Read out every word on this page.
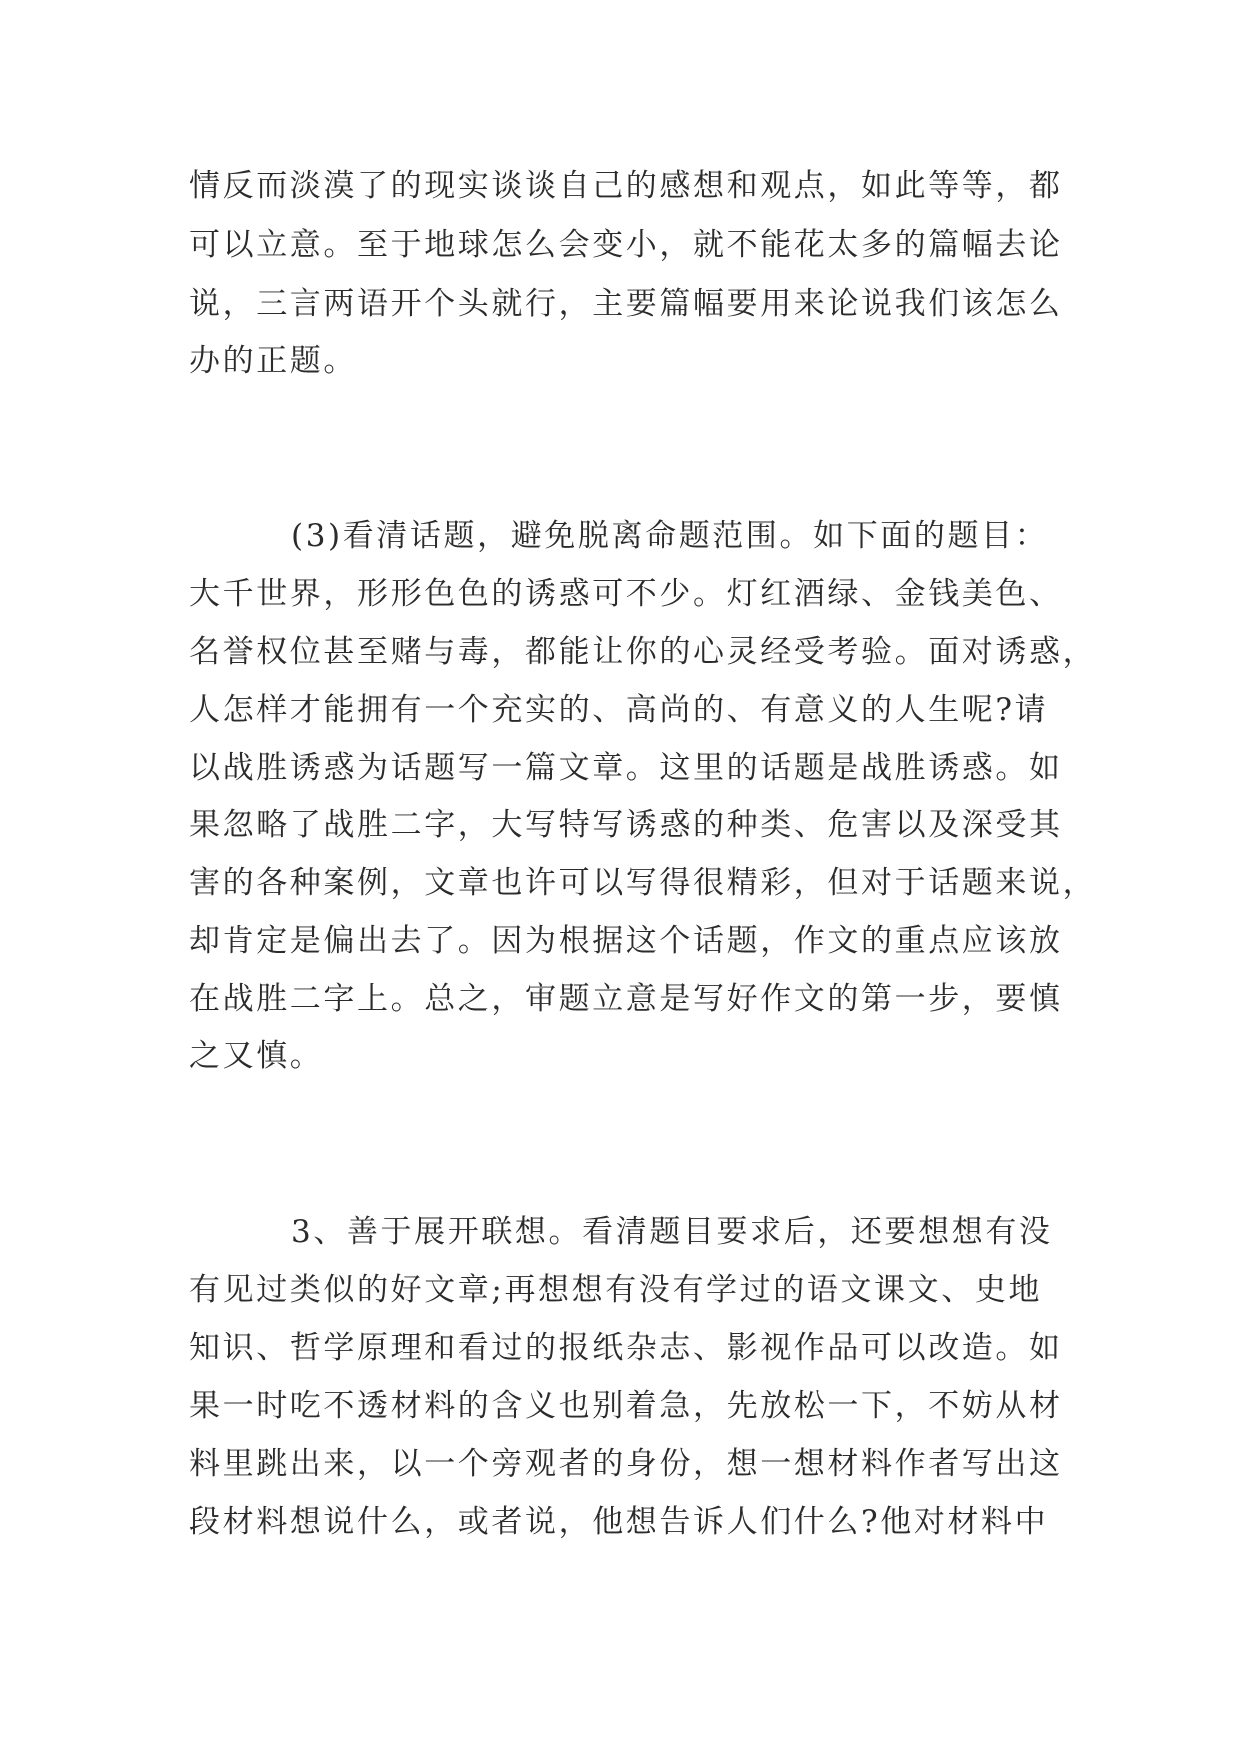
情反而淡漠了的现实谈谈自己的感想和观点，如此等等，都
可以立意。至于地球怎么会变小，就不能花太多的篇幅去论
说，三言两语开个头就行，主要篇幅要用来论说我们该怎么
办的正题。
(3)看清话题，避免脱离命题范围。如下面的题目：
大千世界，形形色色的诱惑可不少。灯红酒绿、金钱美色、
名誉权位甚至赌与毒，都能让你的心灵经受考验。面对诱惑，
人怎样才能拥有一个充实的、高尚的、有意义的人生呢?请
以战胜诱惑为话题写一篇文章。这里的话题是战胜诱惑。如
果忽略了战胜二字，大写特写诱惑的种类、危害以及深受其
害的各种案例，文章也许可以写得很精彩，但对于话题来说，
却肯定是偏出去了。因为根据这个话题，作文的重点应该放
在战胜二字上。总之，审题立意是写好作文的第一步，要慎
之又慎。
3、善于展开联想。看清题目要求后，还要想想有没
有见过类似的好文章;再想想有没有学过的语文课文、史地
知识、哲学原理和看过的报纸杂志、影视作品可以改造。如
果一时吃不透材料的含义也别着急，先放松一下，不妨从材
料里跳出来，以一个旁观者的身份，想一想材料作者写出这
段材料想说什么，或者说，他想告诉人们什么?他对材料中
